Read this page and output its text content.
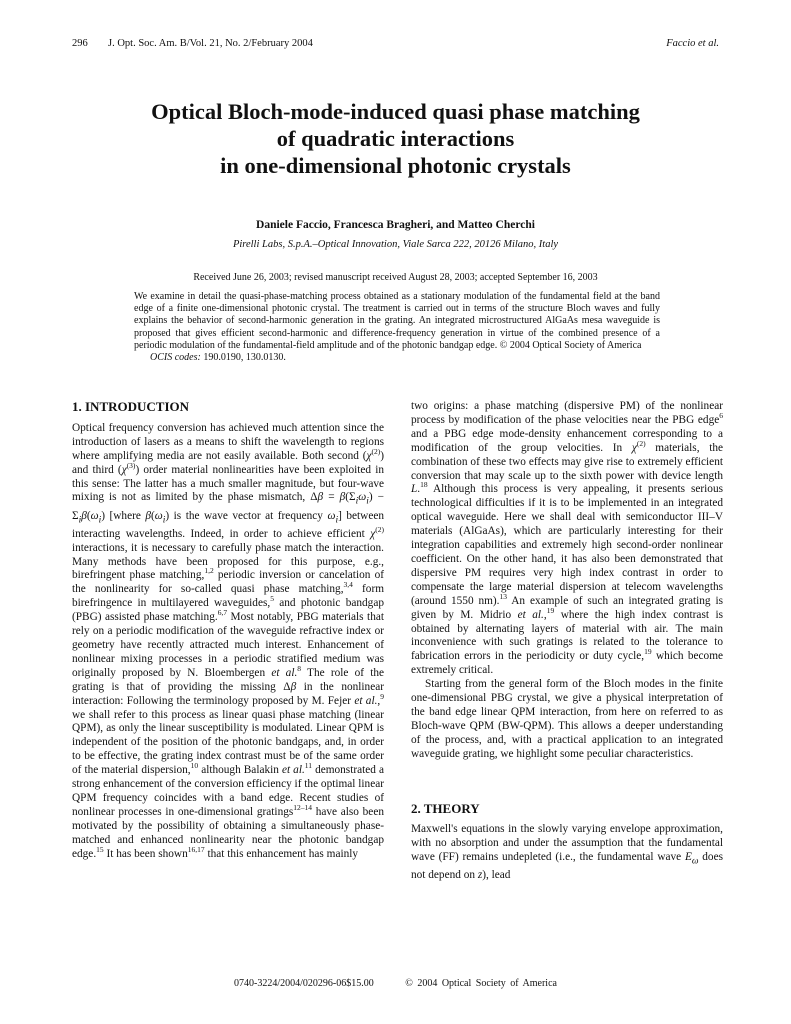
296 J. Opt. Soc. Am. B/Vol. 21, No. 2/February 2004	Faccio et al.
Optical Bloch-mode-induced quasi phase matching
of quadratic interactions
in one-dimensional photonic crystals
Daniele Faccio, Francesca Bragheri, and Matteo Cherchi
Pirelli Labs, S.p.A.–Optical Innovation, Viale Sarca 222, 20126 Milano, Italy
Received June 26, 2003; revised manuscript received August 28, 2003; accepted September 16, 2003
We examine in detail the quasi-phase-matching process obtained as a stationary modulation of the fundamental field at the band edge of a finite one-dimensional photonic crystal. The treatment is carried out in terms of the structure Bloch waves and fully explains the behavior of second-harmonic generation in the grating. An integrated microstructured AlGaAs mesa waveguide is proposed that gives efficient second-harmonic and difference-frequency generation in virtue of the combined presence of a periodic modulation of the fundamental-field amplitude and of the photonic bandgap edge. © 2004 Optical Society of America
OCIS codes: 190.0190, 130.0130.
1. INTRODUCTION

Optical frequency conversion has achieved much attention since the introduction of lasers as a means to shift the wavelength to regions where amplifying media are not easily available. Both second $(\chi^{(2)})$ and third $(\chi^{(3)})$ order material nonlinearities have been exploited in this sense: The latter has a much smaller magnitude, but four-wave mixing is not as limited by the phase mismatch, $\Delta\beta = \beta(\Sigma_i\omega_i) - \Sigma_i\beta(\omega_i)$ [where $\beta(\omega_i)$ is the wave vector at frequency $\omega_i$] between interacting wavelengths. Indeed, in order to achieve efficient $\chi^{(2)}$ interactions, it is necessary to carefully phase match the interaction. Many methods have been proposed for this purpose, e.g., birefringent phase matching,$^{1,2}$ periodic inversion or cancelation of the nonlinearity for so-called quasi phase matching,$^{3,4}$ form birefringence in multilayered waveguides,$^5$ and photonic bandgap (PBG) assisted phase matching.$^{6,7}$ Most notably, PBG materials that rely on a periodic modification of the waveguide refractive index or geometry have recently attracted much interest. Enhancement of nonlinear mixing processes in a periodic stratified medium was originally proposed by N. Bloembergen et al.$^8$ The role of the grating is that of providing the missing Δβ in the nonlinear interaction: Following the terminology proposed by M. Fejer et al.,$^9$ we shall refer to this process as linear quasi phase matching (linear QPM), as only the linear susceptibility is modulated. Linear QPM is independent of the position of the photonic bandgaps, and, in order to be effective, the grating index contrast must be of the same order of the material dispersion,$^{10}$ although Balakin et al.$^{11}$ demonstrated a strong enhancement of the conversion efficiency if the optimal linear QPM frequency coincides with a band edge. Recent studies of nonlinear processes in one-dimensional gratings$^{12-14}$ have also been motivated by the possibility of obtaining a simultaneously phase-matched and enhanced nonlinearity near the photonic bandgap edge.$^{15}$ It has been shown$^{16,17}$ that this enhancement has mainly

two origins: a phase matching (dispersive PM) of the nonlinear process by modification of the phase velocities near the PBG edge$^6$ and a PBG edge mode-density enhancement corresponding to a modification of the group velocities. In $\chi^{(2)}$ materials, the combination of these two effects may give rise to extremely efficient conversion that may scale up to the sixth power with device length L.$^{18}$ Although this process is very appealing, it presents serious technological difficulties if it is to be implemented in an integrated optical waveguide. Here we shall deal with semiconductor III–V materials (AlGaAs), which are particularly interesting for their integration capabilities and extremely high second-order nonlinear coefficient. On the other hand, it has also been demonstrated that dispersive PM requires very high index contrast in order to compensate the large material dispersion at telecom wavelengths (around 1550 nm).$^{13}$ An example of such an integrated grating is given by M. Midrio et al.,$^{19}$ where the high index contrast is obtained by alternating layers of material with air. The main inconvenience with such gratings is related to the tolerance to fabrication errors in the periodicity or duty cycle,$^{19}$ which become extremely critical.

Starting from the general form of the Bloch modes in the finite one-dimensional PBG crystal, we give a physical interpretation of the band edge linear QPM interaction, from here on referred to as Bloch-wave QPM (BW-QPM). This allows a deeper understanding of the process, and, with a practical application to an integrated waveguide grating, we highlight some peculiar characteristics.

2. THEORY

Maxwell's equations in the slowly varying envelope approximation, with no absorption and under the assumption that the fundamental wave (FF) remains undepleted (i.e., the fundamental wave $E_\omega$ does not depend on z), lead

0740-3224/2004/020296-06$15.00	© 2004 Optical Society of America
